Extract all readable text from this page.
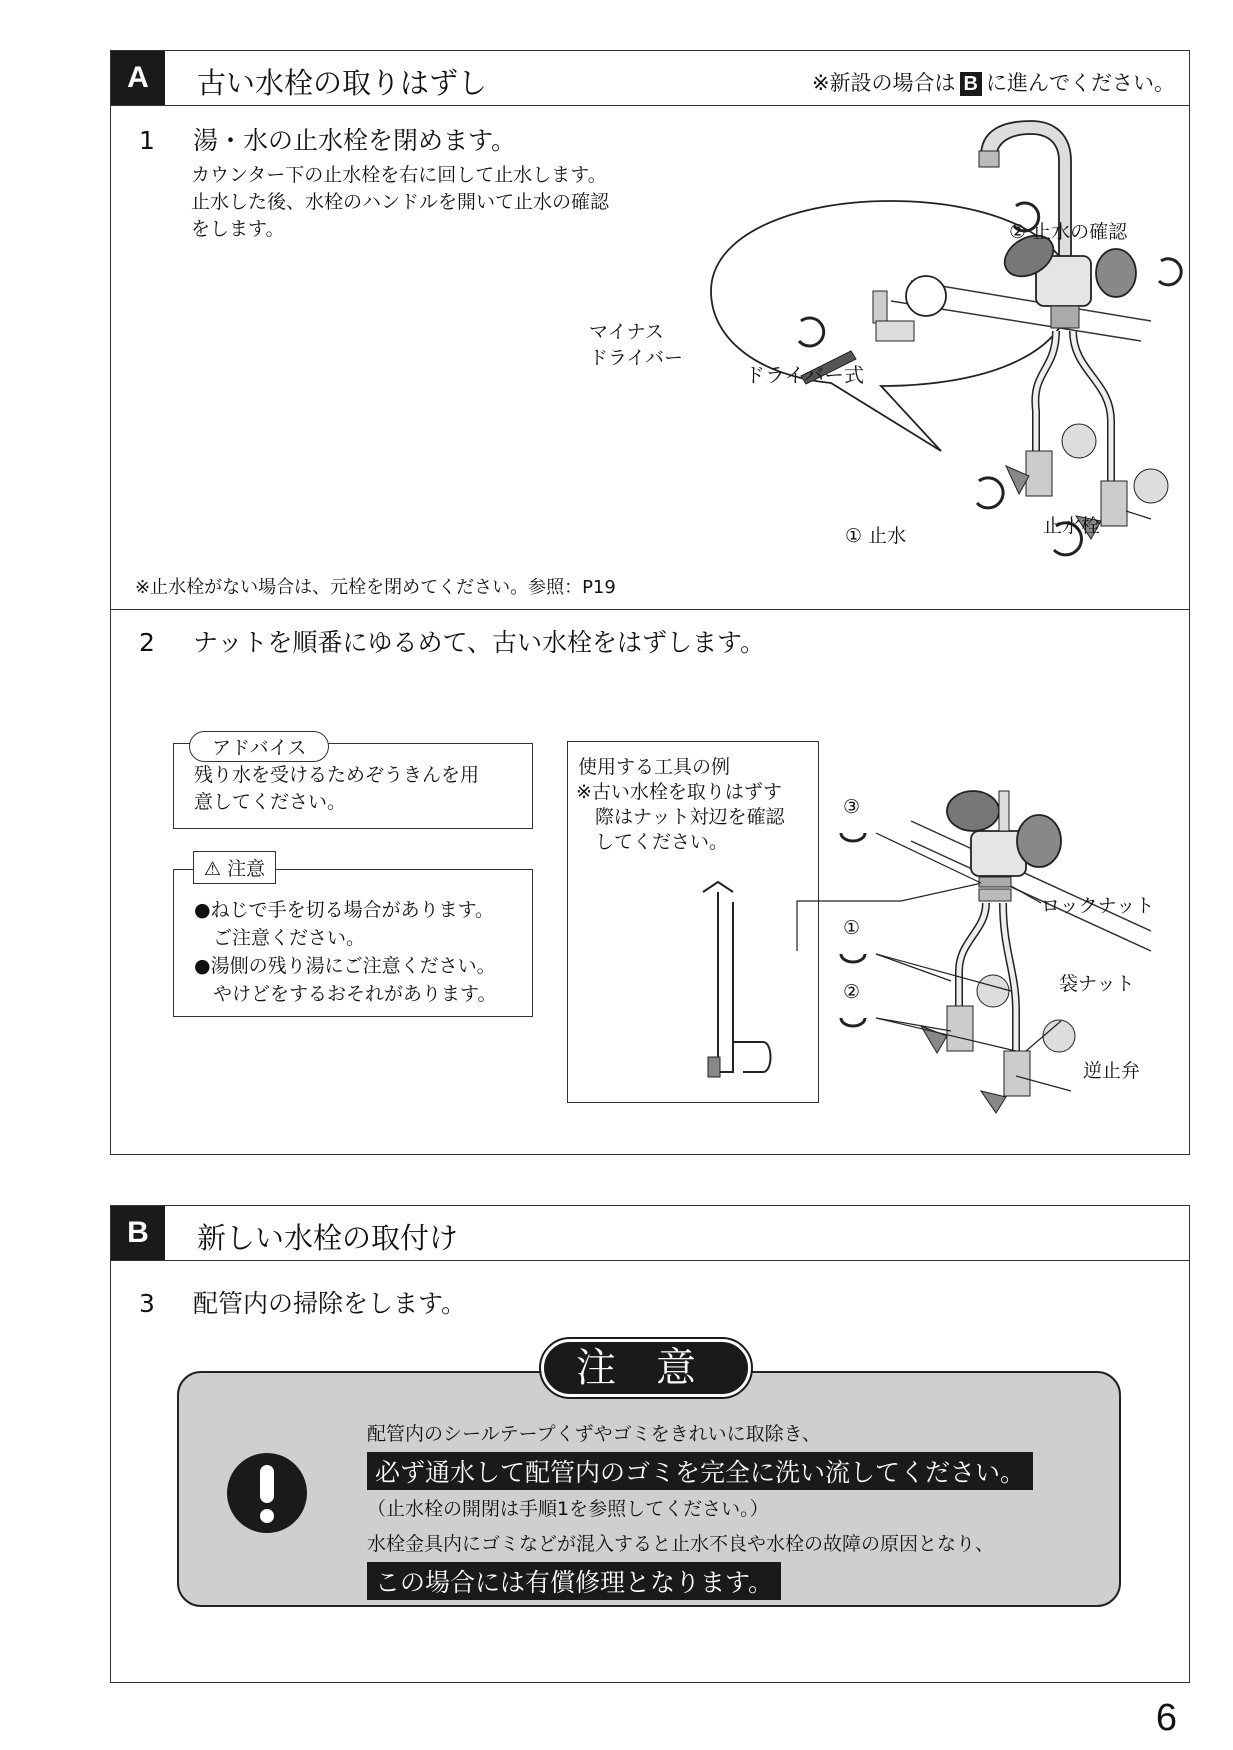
A	古い水栓の取りはずし	※新設の場合は B に進んでください。
1 湯・水の止水栓を閉めます。
カウンター下の止水栓を右に回して止水します。
止水した後、水栓のハンドルを開いて止水の確認
をします。
マイナス
ドライバー
ドライバー式
② 止水の確認
① 止水	止水栓
※止水栓がない場合は、元栓を閉めてください。参照：P19
2 ナットを順番にゆるめて、古い水栓をはずします。
残り水を受けるためぞうきんを用
意してください。
アドバイス
●ねじで手を切る場合があります。
　ご注意ください。
●湯側の残り湯にご注意ください。
　やけどをするおそれがあります。
⚠ 注意
使用する工具の例
※古い水栓を取りはずす
　際はナット対辺を確認
　してください。
③
①
②
ロックナット
袋ナット
逆止弁
B	新しい水栓の取付け
3 配管内の掃除をします。
配管内のシールテープくずやゴミをきれいに取除き、
必ず通水して配管内のゴミを完全に洗い流してください。
（止水栓の開閉は手順1を参照してください。）
水栓金具内にゴミなどが混入すると止水不良や水栓の故障の原因となり、
この場合には有償修理となります。
注意
6
